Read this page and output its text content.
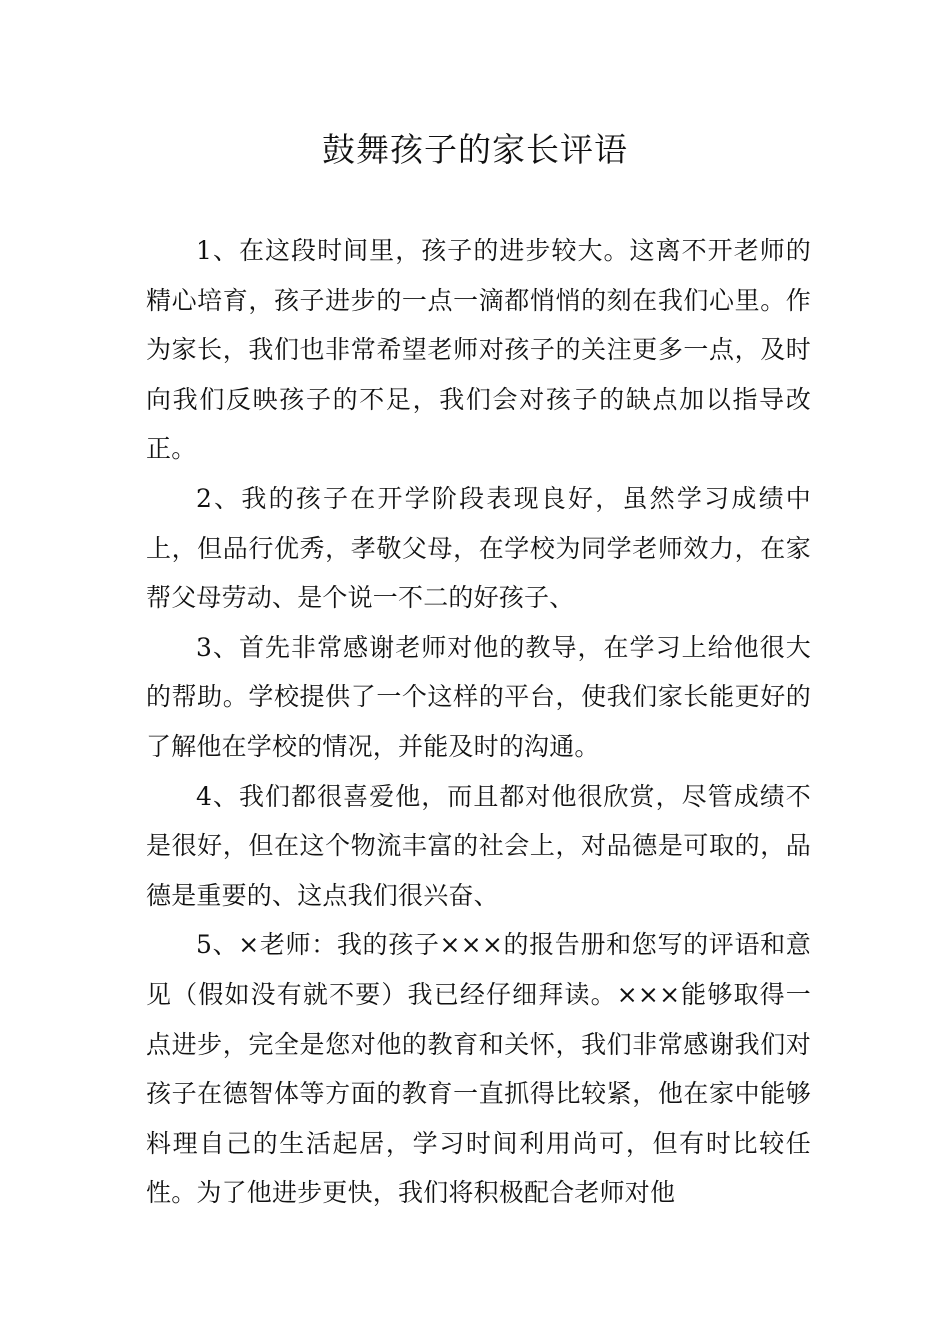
鼓舞孩子的家长评语

1、在这段时间里，孩子的进步较大。这离不开老师的精心培育，孩子进步的一点一滴都悄悄的刻在我们心里。作为家长，我们也非常希望老师对孩子的关注更多一点，及时向我们反映孩子的不足，我们会对孩子的缺点加以指导改正。

2、我的孩子在开学阶段表现良好，虽然学习成绩中上，但品行优秀，孝敬父母，在学校为同学老师效力，在家帮父母劳动、是个说一不二的好孩子、

3、首先非常感谢老师对他的教导，在学习上给他很大的帮助。学校提供了一个这样的平台，使我们家长能更好的了解他在学校的情况，并能及时的沟通。

4、我们都很喜爱他，而且都对他很欣赏，尽管成绩不是很好，但在这个物流丰富的社会上，对品德是可取的，品德是重要的、这点我们很兴奋、

5、×老师：我的孩子×××的报告册和您写的评语和意见（假如没有就不要）我已经仔细拜读。×××能够取得一点进步，完全是您对他的教育和关怀，我们非常感谢我们对孩子在德智体等方面的教育一直抓得比较紧，他在家中能够料理自己的生活起居，学习时间利用尚可，但有时比较任性。为了他进步更快，我们将积极配合老师对他
